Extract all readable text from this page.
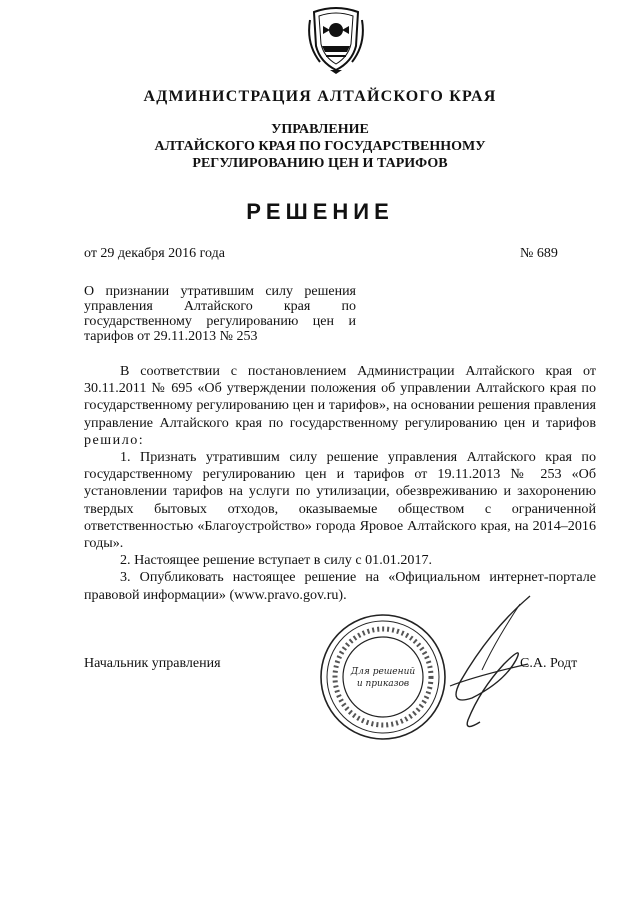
АДМИНИСТРАЦИЯ АЛТАЙСКОГО КРАЯ
УПРАВЛЕНИЕ
АЛТАЙСКОГО КРАЯ ПО ГОСУДАРСТВЕННОМУ
РЕГУЛИРОВАНИЮ ЦЕН И ТАРИФОВ
РЕШЕНИЕ
от 29 декабря 2016 года	№ 689
О признании утратившим силу решения управления Алтайского края по государственному регулированию цен и тарифов от 29.11.2013 № 253

В соответствии с постановлением Администрации Алтайского края от 30.11.2011 № 695 «Об утверждении положения об управлении Алтайского края по государственному регулированию цен и тарифов», на основании решения правления управление Алтайского края по государственному регулированию цен и тарифов решило:

1. Признать утратившим силу решение управления Алтайского края по государственному регулированию цен и тарифов от 19.11.2013 № 253 «Об установлении тарифов на услуги по утилизации, обезвреживанию и захоронению твердых бытовых отходов, оказываемые обществом с ограниченной ответственностью «Благоустройство» города Яровое Алтайского края, на 2014–2016 годы».

2. Настоящее решение вступает в силу с 01.01.2017.

3. Опубликовать настоящее решение на «Официальном интернет-портале правовой информации» (www.pravo.gov.ru).

Начальник управления
Для решений
и приказов
С.А. Родт
